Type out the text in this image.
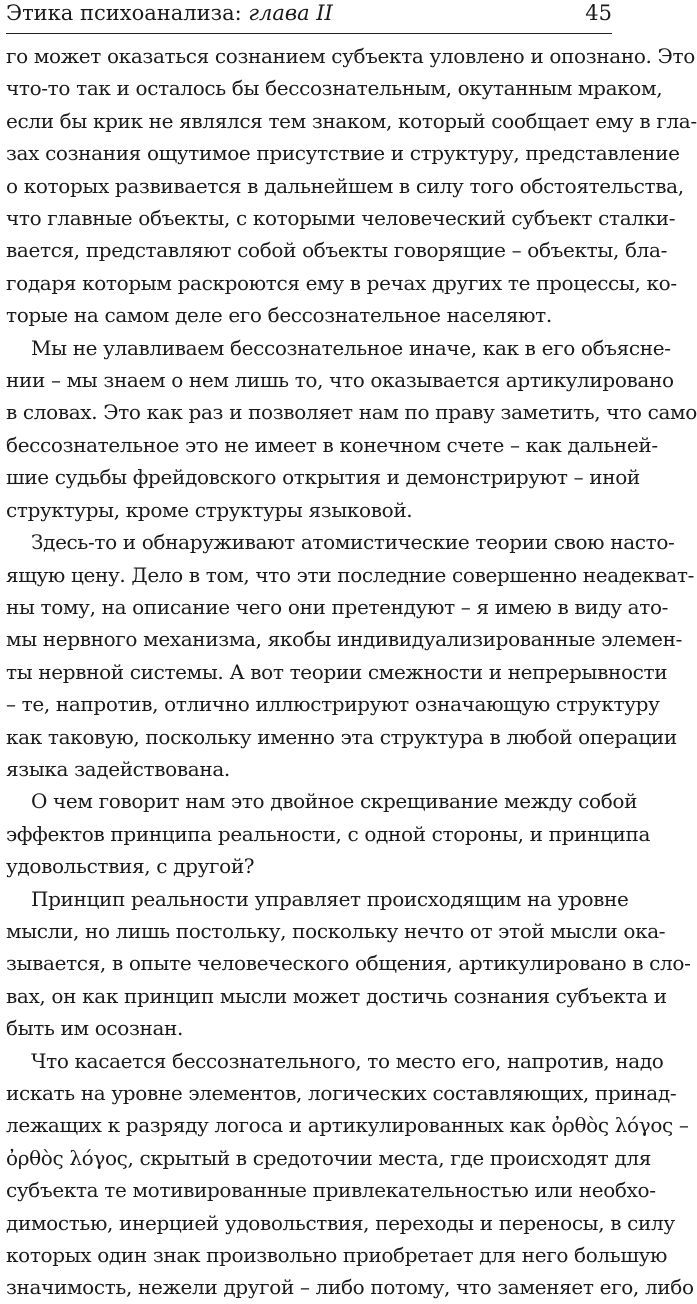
Этика психоанализа: глава II	45

го может оказаться сознанием субъекта уловлено и опознано. Это
что-то так и осталось бы бессознательным, окутанным мраком,
если бы крик не являлся тем знаком, который сообщает ему в гла-
зах сознания ощутимое присутствие и структуру, представление
о которых развивается в дальнейшем в силу того обстоятельства,
что главные объекты, с которыми человеческий субъект сталки-
вается, представляют собой объекты говорящие – объекты, бла-
годаря которым раскроются ему в речах других те процессы, ко-
торые на самом деле его бессознательное населяют.

Мы не улавливаем бессознательное иначе, как в его объяснe-
нии – мы знаем о нем лишь то, что оказывается артикулировано
в словах. Это как раз и позволяет нам по праву заметить, что само
бессознательное это не имеет в конечном счете – как дальней-
шие судьбы фрейдовского открытия и демонстрируют – иной
структуры, кроме структуры языковой.

Здесь-то и обнаруживают атомистические теории свою насто-
ящую цену. Дело в том, что эти последние совершенно неадекват-
ны тому, на описание чего они претендуют – я имею в виду ато-
мы нервного механизма, якобы индивидуализированные элемен-
ты нервной системы. А вот теории смежности и непрерывности
– те, напротив, отлично иллюстрируют означающую структуру
как таковую, поскольку именно эта структура в любой операции
языка задействована.

О чем говорит нам это двойное скрещивание между собой
эффектов принципа реальности, с одной стороны, и принципа
удовольствия, с другой?

Принцип реальности управляет происходящим на уровне
мысли, но лишь постольку, поскольку нечто от этой мысли ока-
зывается, в опыте человеческого общения, артикулировано в сло-
вах, он как принцип мысли может достичь сознания субъекта и
быть им осознан.

Что касается бессознательного, то место его, напротив, надо
искать на уровне элементов, логических составляющих, принад-
лежащих к разряду логоса и артикулированных как ὀρθὸς λόγος –
ὀρθὸς λόγος, скрытый в средоточии места, где происходят для
субъекта те мотивированные привлекательностью или необхо-
димостью, инерцией удовольствия, переходы и переносы, в силу
которых один знак произвольно приобретает для него большую
значимость, нежели другой – либо потому, что заменяет его, либо
